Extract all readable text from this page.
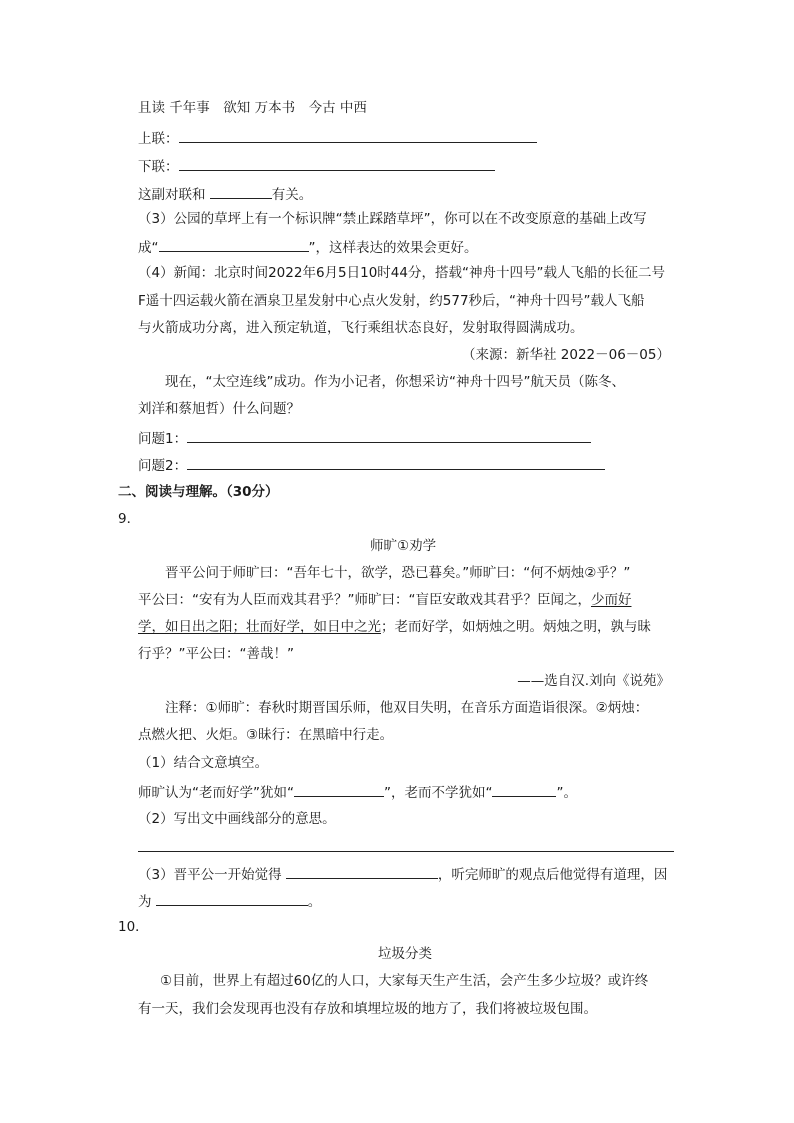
且读 千年事　欲知 万本书　今古 中西
上联：
下联：
这副对联和	有关。
（3）公园的草坪上有一个标识牌“禁止踩踏草坪”，你可以在不改变原意的基础上改写
成“	”，这样表达的效果会更好。
（4）新闻：北京时间2022年6月5日10时44分，搭载“神舟十四号”载人飞船的长征二号
F遥十四运载火箭在酒泉卫星发射中心点火发射，约577秒后，“神舟十四号”载人飞船
与火箭成功分离，进入预定轨道，飞行乘组状态良好，发射取得圆满成功。
（来源：新华社 2022－06－05）
现在，“太空连线”成功。作为小记者，你想采访“神舟十四号”航天员（陈冬、
刘洋和蔡旭哲）什么问题？
问题1：
问题2：
二、阅读与理解。（30分）
9．
师旷①劝学
晋平公问于师旷曰：“吾年七十，欲学，恐已暮矣。”师旷曰：“何不炳烛②乎？”
平公曰：“安有为人臣而戏其君乎？”师旷曰：“盲臣安敢戏其君乎？臣闻之，少而好
学，如日出之阳；壮而好学，如日中之光；老而好学，如炳烛之明。炳烛之明，孰与昧
行乎？”平公曰：“善哉！”
——选自汉.刘向《说苑》
注释：①师旷：春秋时期晋国乐师，他双目失明，在音乐方面造诣很深。②炳烛：
点燃火把、火炬。③昧行：在黑暗中行走。
（1）结合文意填空。
师旷认为“老而好学”犹如“	”，老而不学犹如“	”。
（2）写出文中画线部分的意思。
（3）晋平公一开始觉得	，听完师旷的观点后他觉得有道理，因
为	。
10．
垃圾分类
①目前，世界上有超过60亿的人口，大家每天生产生活，会产生多少垃圾？或许终
有一天，我们会发现再也没有存放和填埋垃圾的地方了，我们将被垃圾包围。
